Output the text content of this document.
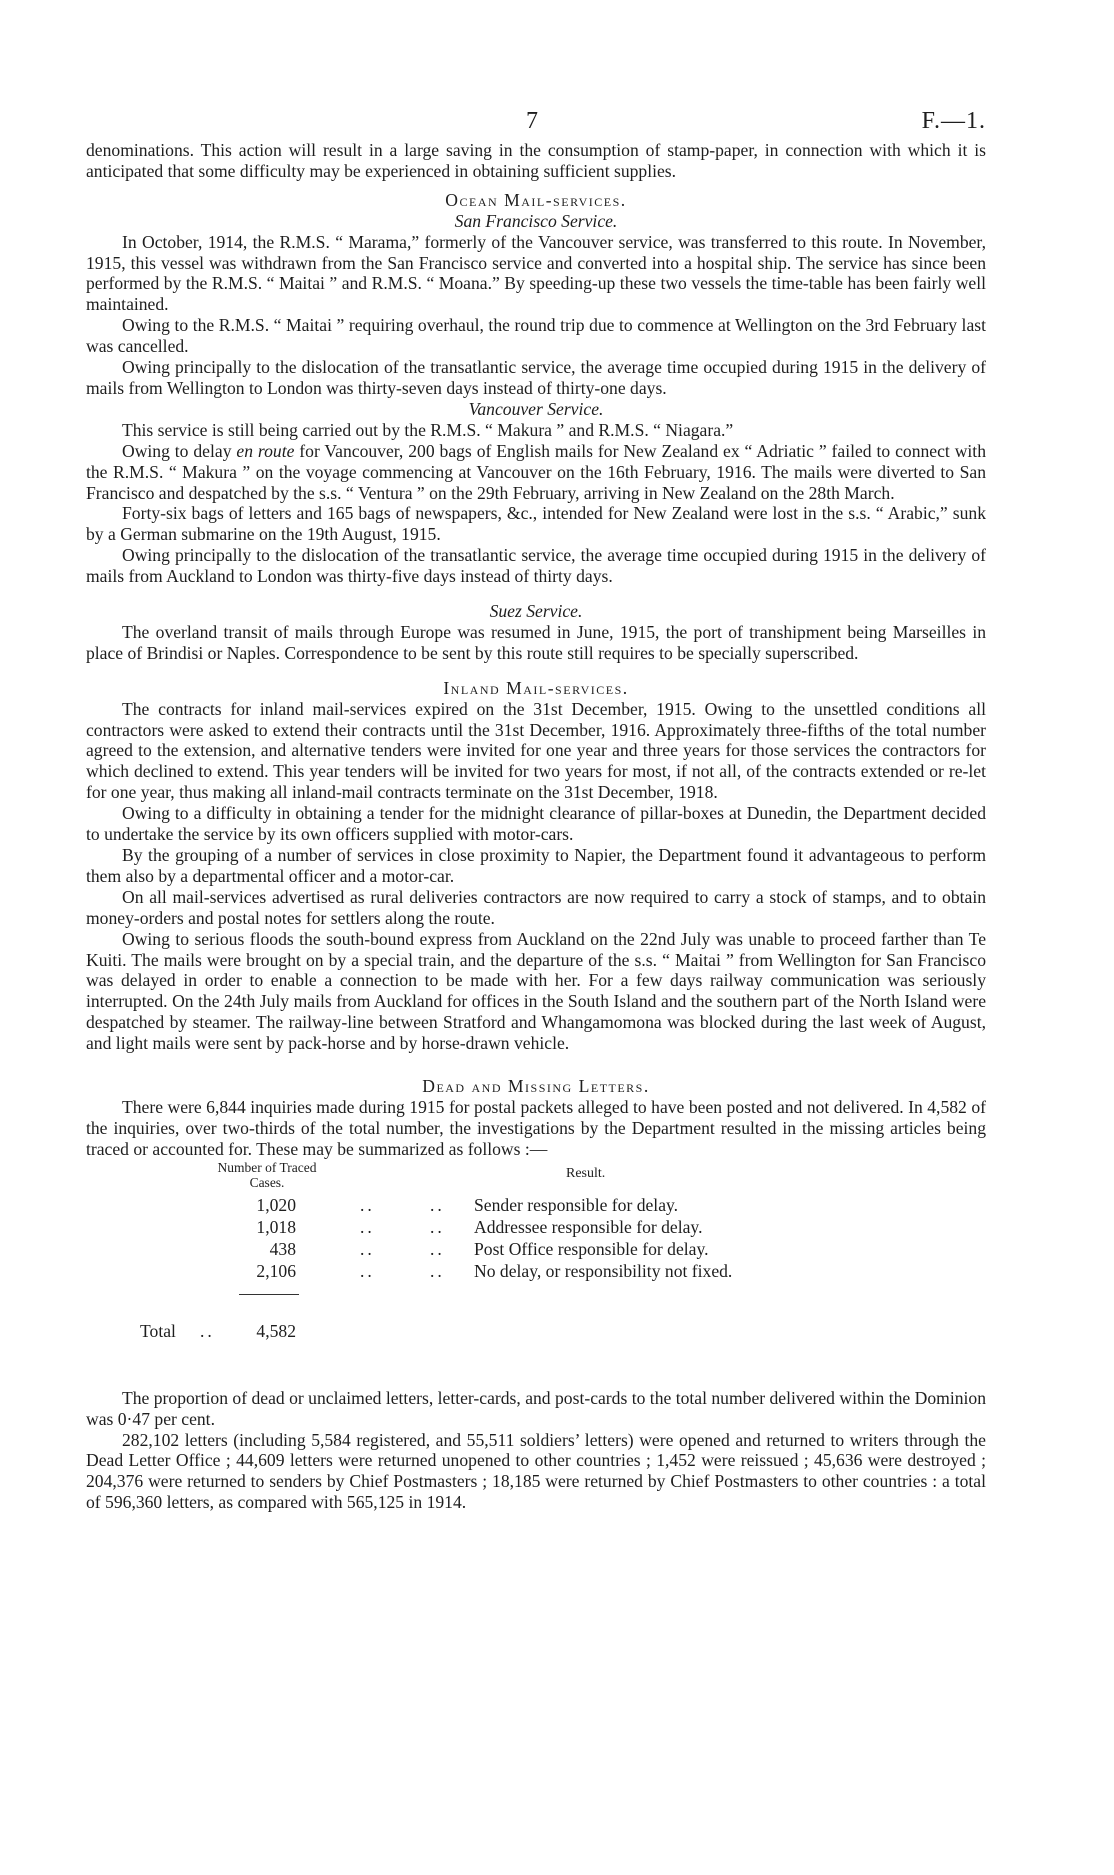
7	F.—1.

denominations. This action will result in a large saving in the consumption of stamp-paper, in connection with which it is anticipated that some difficulty may be experienced in obtaining sufficient supplies.

Ocean Mail-services.
San Francisco Service.

In October, 1914, the R.M.S. “ Marama,” formerly of the Vancouver service, was transferred to this route. In November, 1915, this vessel was withdrawn from the San Francisco service and converted into a hospital ship. The service has since been performed by the R.M.S. “ Maitai ” and R.M.S. “ Moana.” By speeding-up these two vessels the time-table has been fairly well maintained.

Owing to the R.M.S. “ Maitai ” requiring overhaul, the round trip due to commence at Wellington on the 3rd February last was cancelled.

Owing principally to the dislocation of the transatlantic service, the average time occupied during 1915 in the delivery of mails from Wellington to London was thirty-seven days instead of thirty-one days.

Vancouver Service.

This service is still being carried out by the R.M.S. “ Makura ” and R.M.S. “ Niagara.”

Owing to delay en route for Vancouver, 200 bags of English mails for New Zealand ex “ Adriatic ” failed to connect with the R.M.S. “ Makura ” on the voyage commencing at Vancouver on the 16th February, 1916. The mails were diverted to San Francisco and despatched by the s.s. “ Ventura ” on the 29th February, arriving in New Zealand on the 28th March.

Forty-six bags of letters and 165 bags of newspapers, &c., intended for New Zealand were lost in the s.s. “ Arabic,” sunk by a German submarine on the 19th August, 1915.

Owing principally to the dislocation of the transatlantic service, the average time occupied during 1915 in the delivery of mails from Auckland to London was thirty-five days instead of thirty days.

Suez Service.

The overland transit of mails through Europe was resumed in June, 1915, the port of transhipment being Marseilles in place of Brindisi or Naples. Correspondence to be sent by this route still requires to be specially superscribed.

Inland Mail-services.

The contracts for inland mail-services expired on the 31st December, 1915. Owing to the unsettled conditions all contractors were asked to extend their contracts until the 31st December, 1916. Approximately three-fifths of the total number agreed to the extension, and alternative tenders were invited for one year and three years for those services the contractors for which declined to extend. This year tenders will be invited for two years for most, if not all, of the contracts extended or re-let for one year, thus making all inland-mail contracts terminate on the 31st December, 1918.

Owing to a difficulty in obtaining a tender for the midnight clearance of pillar-boxes at Dunedin, the Department decided to undertake the service by its own officers supplied with motor-cars.

By the grouping of a number of services in close proximity to Napier, the Department found it advantageous to perform them also by a departmental officer and a motor-car.

On all mail-services advertised as rural deliveries contractors are now required to carry a stock of stamps, and to obtain money-orders and postal notes for settlers along the route.

Owing to serious floods the south-bound express from Auckland on the 22nd July was unable to proceed farther than Te Kuiti. The mails were brought on by a special train, and the departure of the s.s. “ Maitai ” from Wellington for San Francisco was delayed in order to enable a connection to be made with her. For a few days railway communication was seriously interrupted. On the 24th July mails from Auckland for offices in the South Island and the southern part of the North Island were despatched by steamer. The railway-line between Stratford and Whangamomona was blocked during the last week of August, and light mails were sent by pack-horse and by horse-drawn vehicle.

Dead and Missing Letters.

There were 6,844 inquiries made during 1915 for postal packets alleged to have been posted and not delivered. In 4,582 of the inquiries, over two-thirds of the total number, the investigations by the Department resulted in the missing articles being traced or accounted for. These may be summarized as follows :—

Number of Traced Cases.
Result.
1,020	..	.. Sender responsible for delay.
1,018	..	.. Addressee responsible for delay.
438	..	.. Post Office responsible for delay.
2,106	..	.. No delay, or responsibility not fixed.
Total ..	4,582

The proportion of dead or unclaimed letters, letter-cards, and post-cards to the total number delivered within the Dominion was 0·47 per cent.

282,102 letters (including 5,584 registered, and 55,511 soldiers’ letters) were opened and returned to writers through the Dead Letter Office ; 44,609 letters were returned unopened to other countries ; 1,452 were reissued ; 45,636 were destroyed ; 204,376 were returned to senders by Chief Postmasters ; 18,185 were returned by Chief Postmasters to other countries : a total of 596,360 letters, as compared with 565,125 in 1914.
